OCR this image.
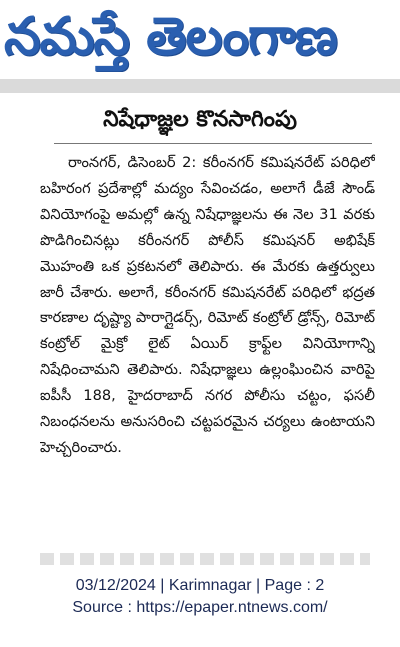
నమస్తే తెలంగాణ
నిషేధాజ్ఞల కొనసాగింపు

రాంనగర్, డిసెంబర్ 2: కరీంనగర్ కమిషనరేట్ పరిధిలో బహిరంగ ప్రదేశాల్లో మద్యం సేవించడం, అలాగే డీజే సౌండ్ వినియోగంపై అమల్లో ఉన్న నిషేధాజ్ఞలను ఈ నెల 31 వరకు పొడిగించినట్లు కరీంనగర్ పోలీస్ కమిషనర్ అభిషేక్ మొహంతి ఒక ప్రకటనలో తెలిపారు. ఈ మేరకు ఉత్తర్వులు జారీ చేశారు. అలాగే, కరీంనగర్ కమిషనరేట్ పరిధిలో భద్రత కారణాల దృష్ట్యా పారాగ్లైడర్స్, రిమోట్ కంట్రోల్ డ్రోన్స్, రిమోట్ కంట్రోల్ మైక్రో లైట్ ఏయిర్ క్రాఫ్ట్‌ల వినియోగాన్ని నిషేధించామని తెలిపారు. నిషేధాజ్ఞలు ఉల్లంఘించిన వారిపై ఐపీసీ 188, హైదరాబాద్ నగర పోలీసు చట్టం, ఫసలీ నిబంధనలను అనుసరించి చట్టపరమైన చర్యలు ఉంటాయని హెచ్చరించారు.

03/12/2024 | Karimnagar | Page : 2
Source : https://epaper.ntnews.com/
